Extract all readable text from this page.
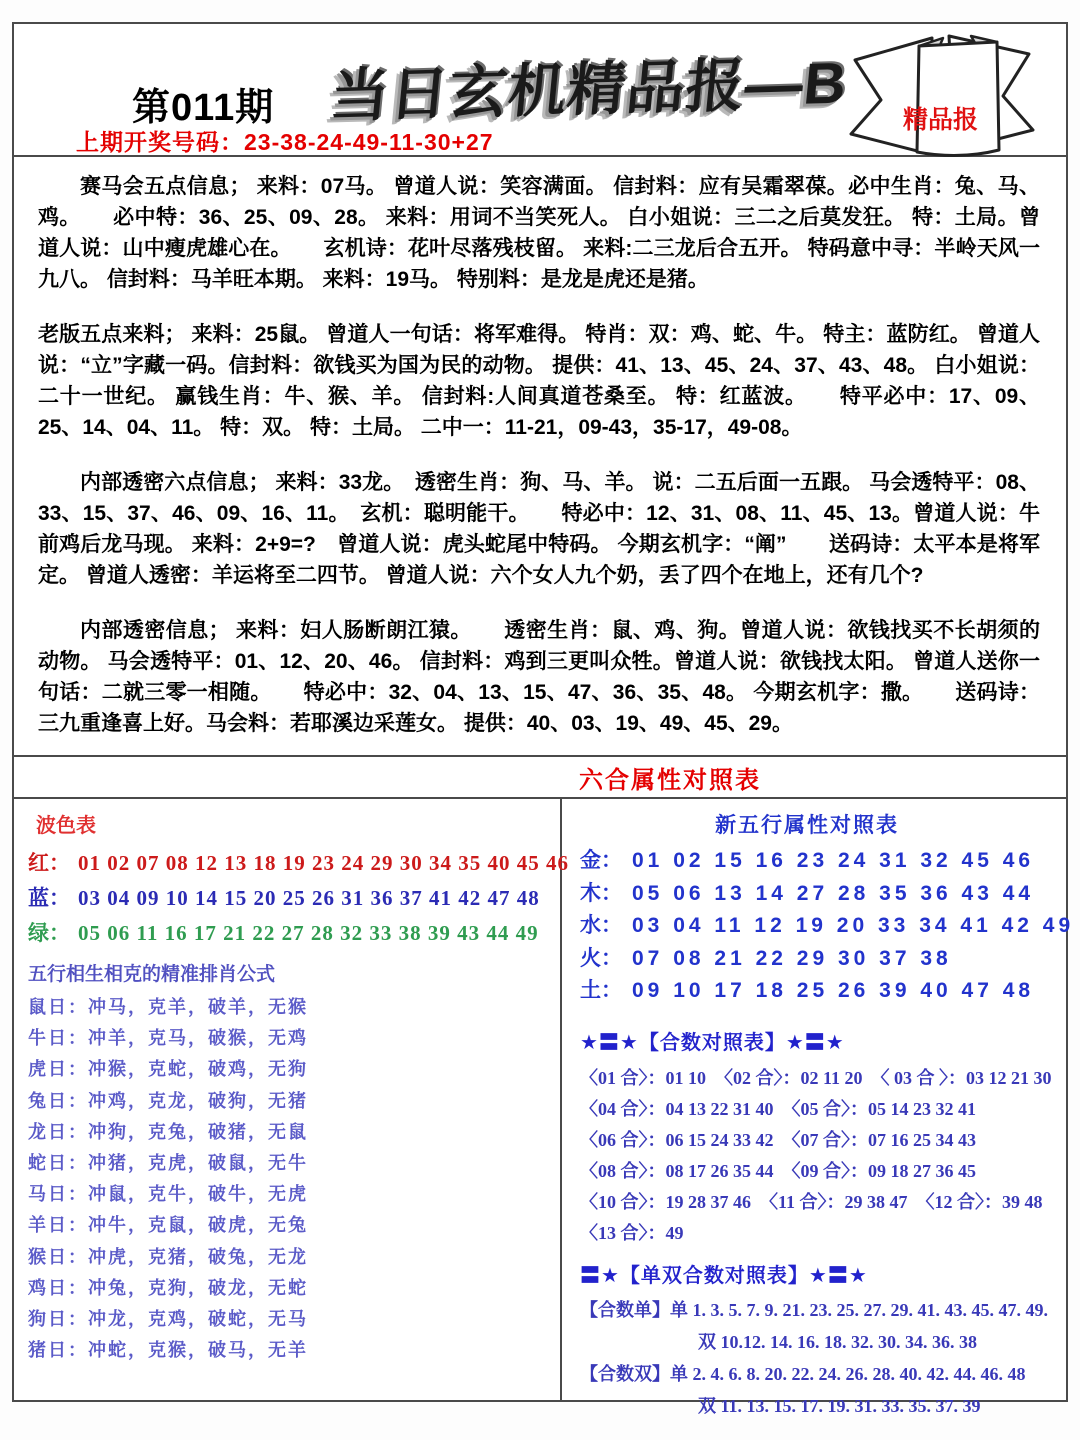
第011期 当日玄机精品报—B	精品报
上期开奖号码：23-38-24-49-11-30+27

赛马会五点信息； 来料：07马。 曾道人说：笑容满面。 信封料：应有吴霜翠葆。必中生肖：兔、马、鸡。　　必中特：36、25、09、28。 来料：用词不当笑死人。 白小姐说：三二之后莫发狂。 特：土局。曾道人说：山中瘦虎雄心在。　　玄机诗：花叶尽落残枝留。 来料:二三龙后合五开。 特码意中寻：半岭天风一九八。 信封料：马羊旺本期。 来料：19马。 特别料：是龙是虎还是猪。

老版五点来料； 来料：25鼠。 曾道人一句话：将军难得。 特肖：双：鸡、蛇、牛。 特主：蓝防红。 曾道人说：“立”字藏一码。信封料：欲钱买为国为民的动物。 提供：41、13、45、24、37、43、48。 白小姐说：二十一世纪。 赢钱生肖：牛、猴、羊。 信封料:人间真道苍桑至。 特：红蓝波。　　特平必中：17、09、25、14、04、11。 特：双。 特：土局。 二中一：11-21，09-43，35-17，49-08。

内部透密六点信息； 来料：33龙。　透密生肖：狗、马、羊。 说：二五后面一五跟。 马会透特平：08、33、15、37、46、09、16、11。　玄机：聪明能干。　　特必中：12、31、08、11、45、13。曾道人说：牛前鸡后龙马现。 来料：2+9=?　曾道人说：虎头蛇尾中特码。 今期玄机字：“阐”　　送码诗：太平本是将军定。 曾道人透密：羊运将至二四节。 曾道人说：六个女人九个奶，丢了四个在地上，还有几个?

内部透密信息； 来料：妇人肠断朗江猿。　　透密生肖：鼠、鸡、狗。曾道人说：欲钱找买不长胡须的动物。 马会透特平：01、12、20、46。 信封料：鸡到三更叫众牲。曾道人说：欲钱找太阳。 曾道人送你一句话：二就三零一相随。　　特必中：32、04、13、15、47、36、35、48。 今期玄机字：撒。　　送码诗：三九重逢喜上好。马会料：若耶溪边采莲女。 提供：40、03、19、49、45、29。

六合属性对照表
波色表
红： 01 02 07 08 12 13 18 19 23 24 29 30 34 35 40 45 46
蓝： 03 04 09 10 14 15 20 25 26 31 36 37 41 42 47 48
绿： 05 06 11 16 17 21 22 27 28 32 33 38 39 43 44 49
五行相生相克的精准排肖公式
鼠日：冲马，克羊，破羊，无猴
牛日：冲羊，克马，破猴，无鸡
虎日：冲猴，克蛇，破鸡，无狗
兔日：冲鸡，克龙，破狗，无猪
龙日：冲狗，克兔，破猪，无鼠
蛇日：冲猪，克虎，破鼠，无牛
马日：冲鼠，克牛，破牛，无虎
羊日：冲牛，克鼠，破虎，无兔
猴日：冲虎，克猪，破兔，无龙
鸡日：冲兔，克狗，破龙，无蛇
狗日：冲龙，克鸡，破蛇，无马
猪日：冲蛇，克猴，破马，无羊
新五行属性对照表
金： 01 02 15 16 23 24 31 32 45 46
木： 05 06 13 14 27 28 35 36 43 44
水： 03 04 11 12 19 20 33 34 41 42 49
火： 07 08 21 22 29 30 37 38
土： 09 10 17 18 25 26 39 40 47 48
★〓★【合数对照表】★〓★
〈01 合〉：01 10　〈02 合〉：02 11 20　〈 03 合 〉：03 12 21 30
〈04 合〉：04 13 22 31 40　〈05 合〉：05 14 23 32 41
〈06 合〉：06 15 24 33 42　〈07 合〉：07 16 25 34 43
〈08 合〉：08 17 26 35 44　〈09 合〉：09 18 27 36 45
〈10 合〉：19 28 37 46　〈11 合〉：29 38 47　〈12 合〉：39 48
〈13 合〉：49
〓★【单双合数对照表】★〓★
【合数单】单 1. 3. 5. 7. 9. 21. 23. 25. 27. 29. 41. 43. 45. 47. 49.
双 10.12. 14. 16. 18. 32. 30. 34. 36. 38
【合数双】单 2. 4. 6. 8. 20. 22. 24. 26. 28. 40. 42. 44. 46. 48
双 11. 13. 15. 17. 19. 31. 33. 35. 37. 39
